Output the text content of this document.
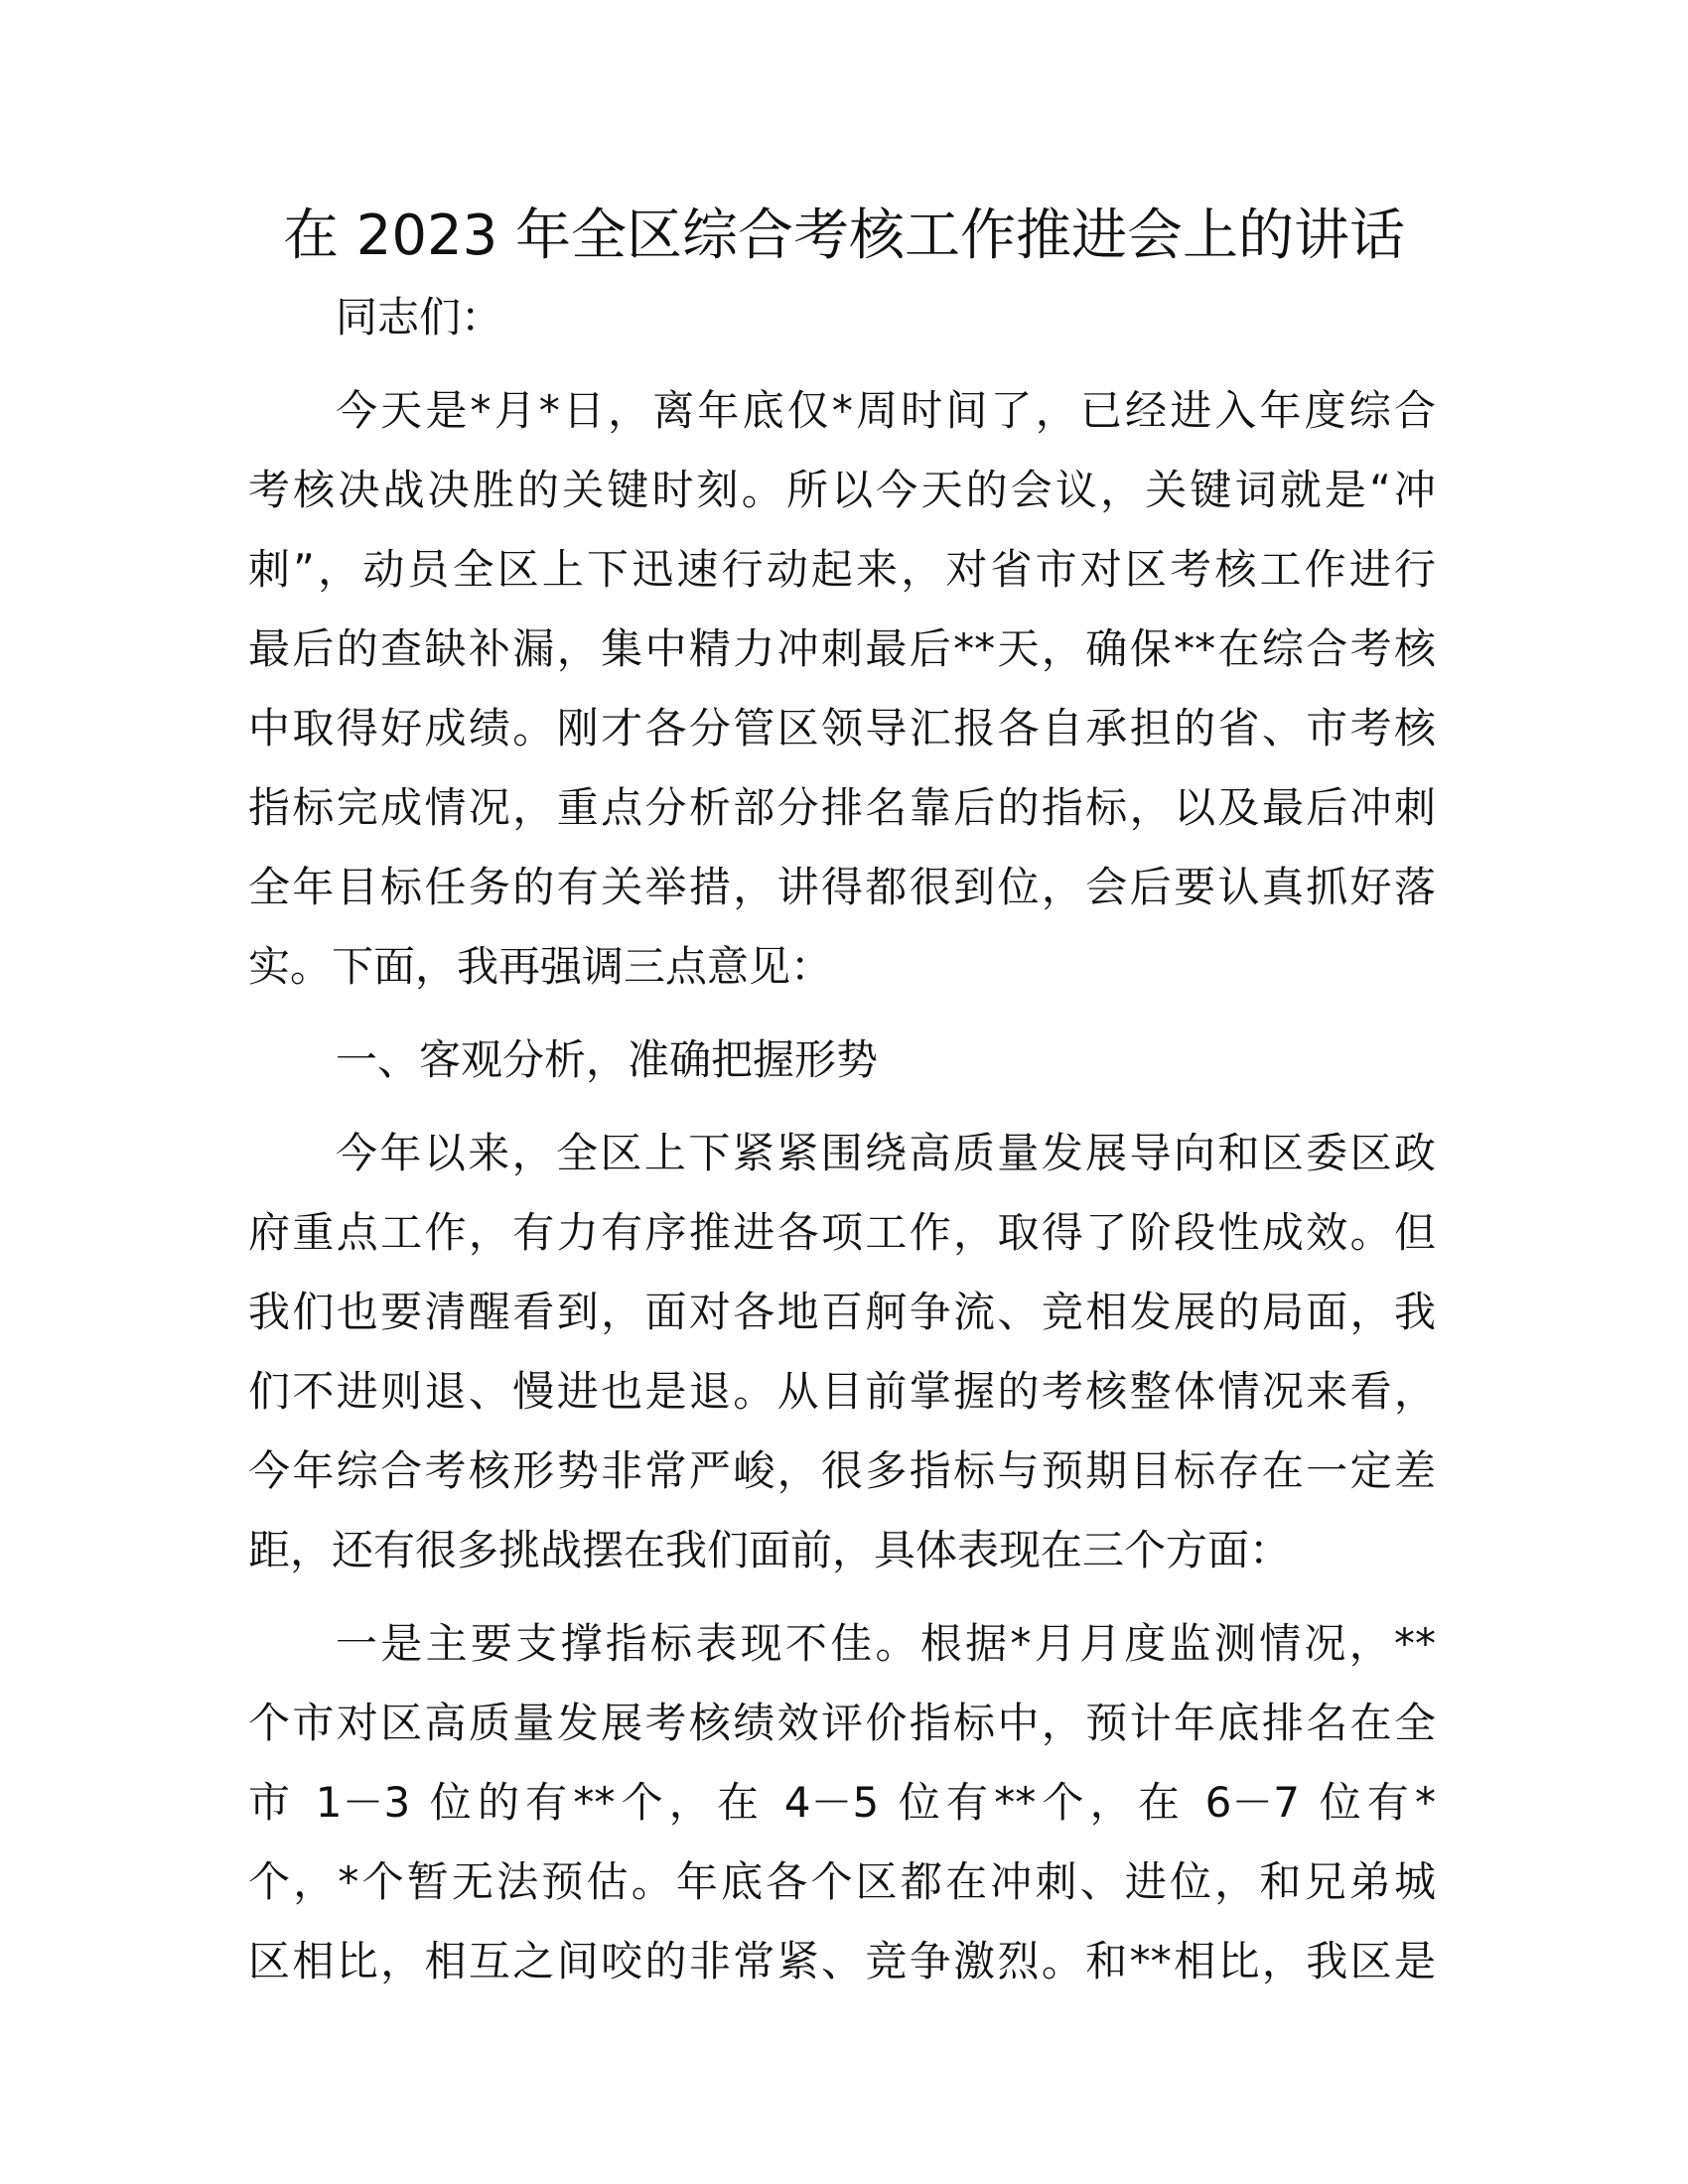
在 2023 年全区综合考核工作推进会上的讲话
同志们：
今天是*月*日，离年底仅*周时间了，已经进入年度综合
考核决战决胜的关键时刻。所以今天的会议，关键词就是“冲
刺”，动员全区上下迅速行动起来，对省市对区考核工作进行
最后的查缺补漏，集中精力冲刺最后**天，确保**在综合考核
中取得好成绩。刚才各分管区领导汇报各自承担的省、市考核
指标完成情况，重点分析部分排名靠后的指标，以及最后冲刺
全年目标任务的有关举措，讲得都很到位，会后要认真抓好落
实。下面，我再强调三点意见：
一、客观分析，准确把握形势
今年以来，全区上下紧紧围绕高质量发展导向和区委区政
府重点工作，有力有序推进各项工作，取得了阶段性成效。但
我们也要清醒看到，面对各地百舸争流、竞相发展的局面，我
们不进则退、慢进也是退。从目前掌握的考核整体情况来看，
今年综合考核形势非常严峻，很多指标与预期目标存在一定差
距，还有很多挑战摆在我们面前，具体表现在三个方面：
一是主要支撑指标表现不佳。根据*月月度监测情况，**
个市对区高质量发展考核绩效评价指标中，预计年底排名在全
市 1－3 位的有**个，在 4－5 位有**个，在 6－7 位有*
个，*个暂无法预估。年底各个区都在冲刺、进位，和兄弟城
区相比，相互之间咬的非常紧、竞争激烈。和**相比，我区是
